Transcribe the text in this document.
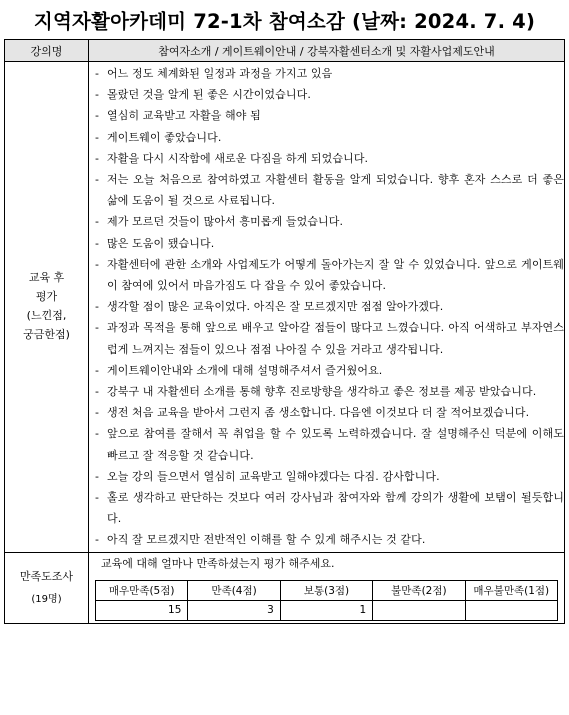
지역자활아카데미 72-1차 참여소감 (날짜: 2024. 7. 4)
강의명	참여자소개 / 게이트웨이안내 / 강북자활센터소개 및 자활사업제도안내

교육 후
평가
(느낀점,
궁금한점)

- 어느 정도 체계화된 일정과 과정을 가지고 있음
- 몰랐던 것을 알게 된 좋은 시간이었습니다.
- 열심히 교육받고 자활을 해야 됨
- 게이트웨이 좋았습니다.
- 자활을 다시 시작함에 새로운 다짐을 하게 되었습니다.
- 저는 오늘 처음으로 참여하였고 자활센터 활동을 알게 되었습니다. 향후 혼자 스스로 더 좋은 삶에 도움이 될 것으로 사료됩니다.
- 제가 모르던 것들이 많아서 흥미롭게 들었습니다.
- 많은 도움이 됐습니다.
- 자활센터에 관한 소개와 사업제도가 어떻게 돌아가는지 잘 알 수 있었습니다. 앞으로 게이트웨이 참여에 있어서 마음가짐도 다 잡을 수 있어 좋았습니다.
- 생각할 점이 많은 교육이었다. 아직은 잘 모르겠지만 점점 알아가겠다.
- 과정과 목적을 통해 앞으로 배우고 알아갈 점들이 많다고 느꼈습니다. 아직 어색하고 부자연스럽게 느껴지는 점들이 있으나 점점 나아질 수 있을 거라고 생각됩니다.
- 게이트웨이안내와 소개에 대해 설명해주셔서 즐거웠어요.
- 강북구 내 자활센터 소개를 통해 향후 진로방향을 생각하고 좋은 정보를 제공 받았습니다.
- 생전 처음 교육을 받아서 그런지 좀 생소합니다. 다음엔 이것보다 더 잘 적어보겠습니다.
- 앞으로 참여를 잘해서 꼭 취업을 할 수 있도록 노력하겠습니다. 잘 설명해주신 덕분에 이해도 빠르고 잘 적응할 것 같습니다.
- 오늘 강의 들으면서 열심히 교육받고 일해야겠다는 다짐. 감사합니다.
- 홀로 생각하고 판단하는 것보다 여러 강사님과 참여자와 함께 강의가 생활에 보탬이 될듯합니다.
- 아직 잘 모르겠지만 전반적인 이해를 할 수 있게 해주시는 것 같다.

만족도조사
(19명)

교육에 대해 얼마나 만족하셨는지 평가 해주세요.
매우만족(5점)	만족(4점)	보통(3점)	불만족(2점)	매우불만족(1점)
15	3	1		
